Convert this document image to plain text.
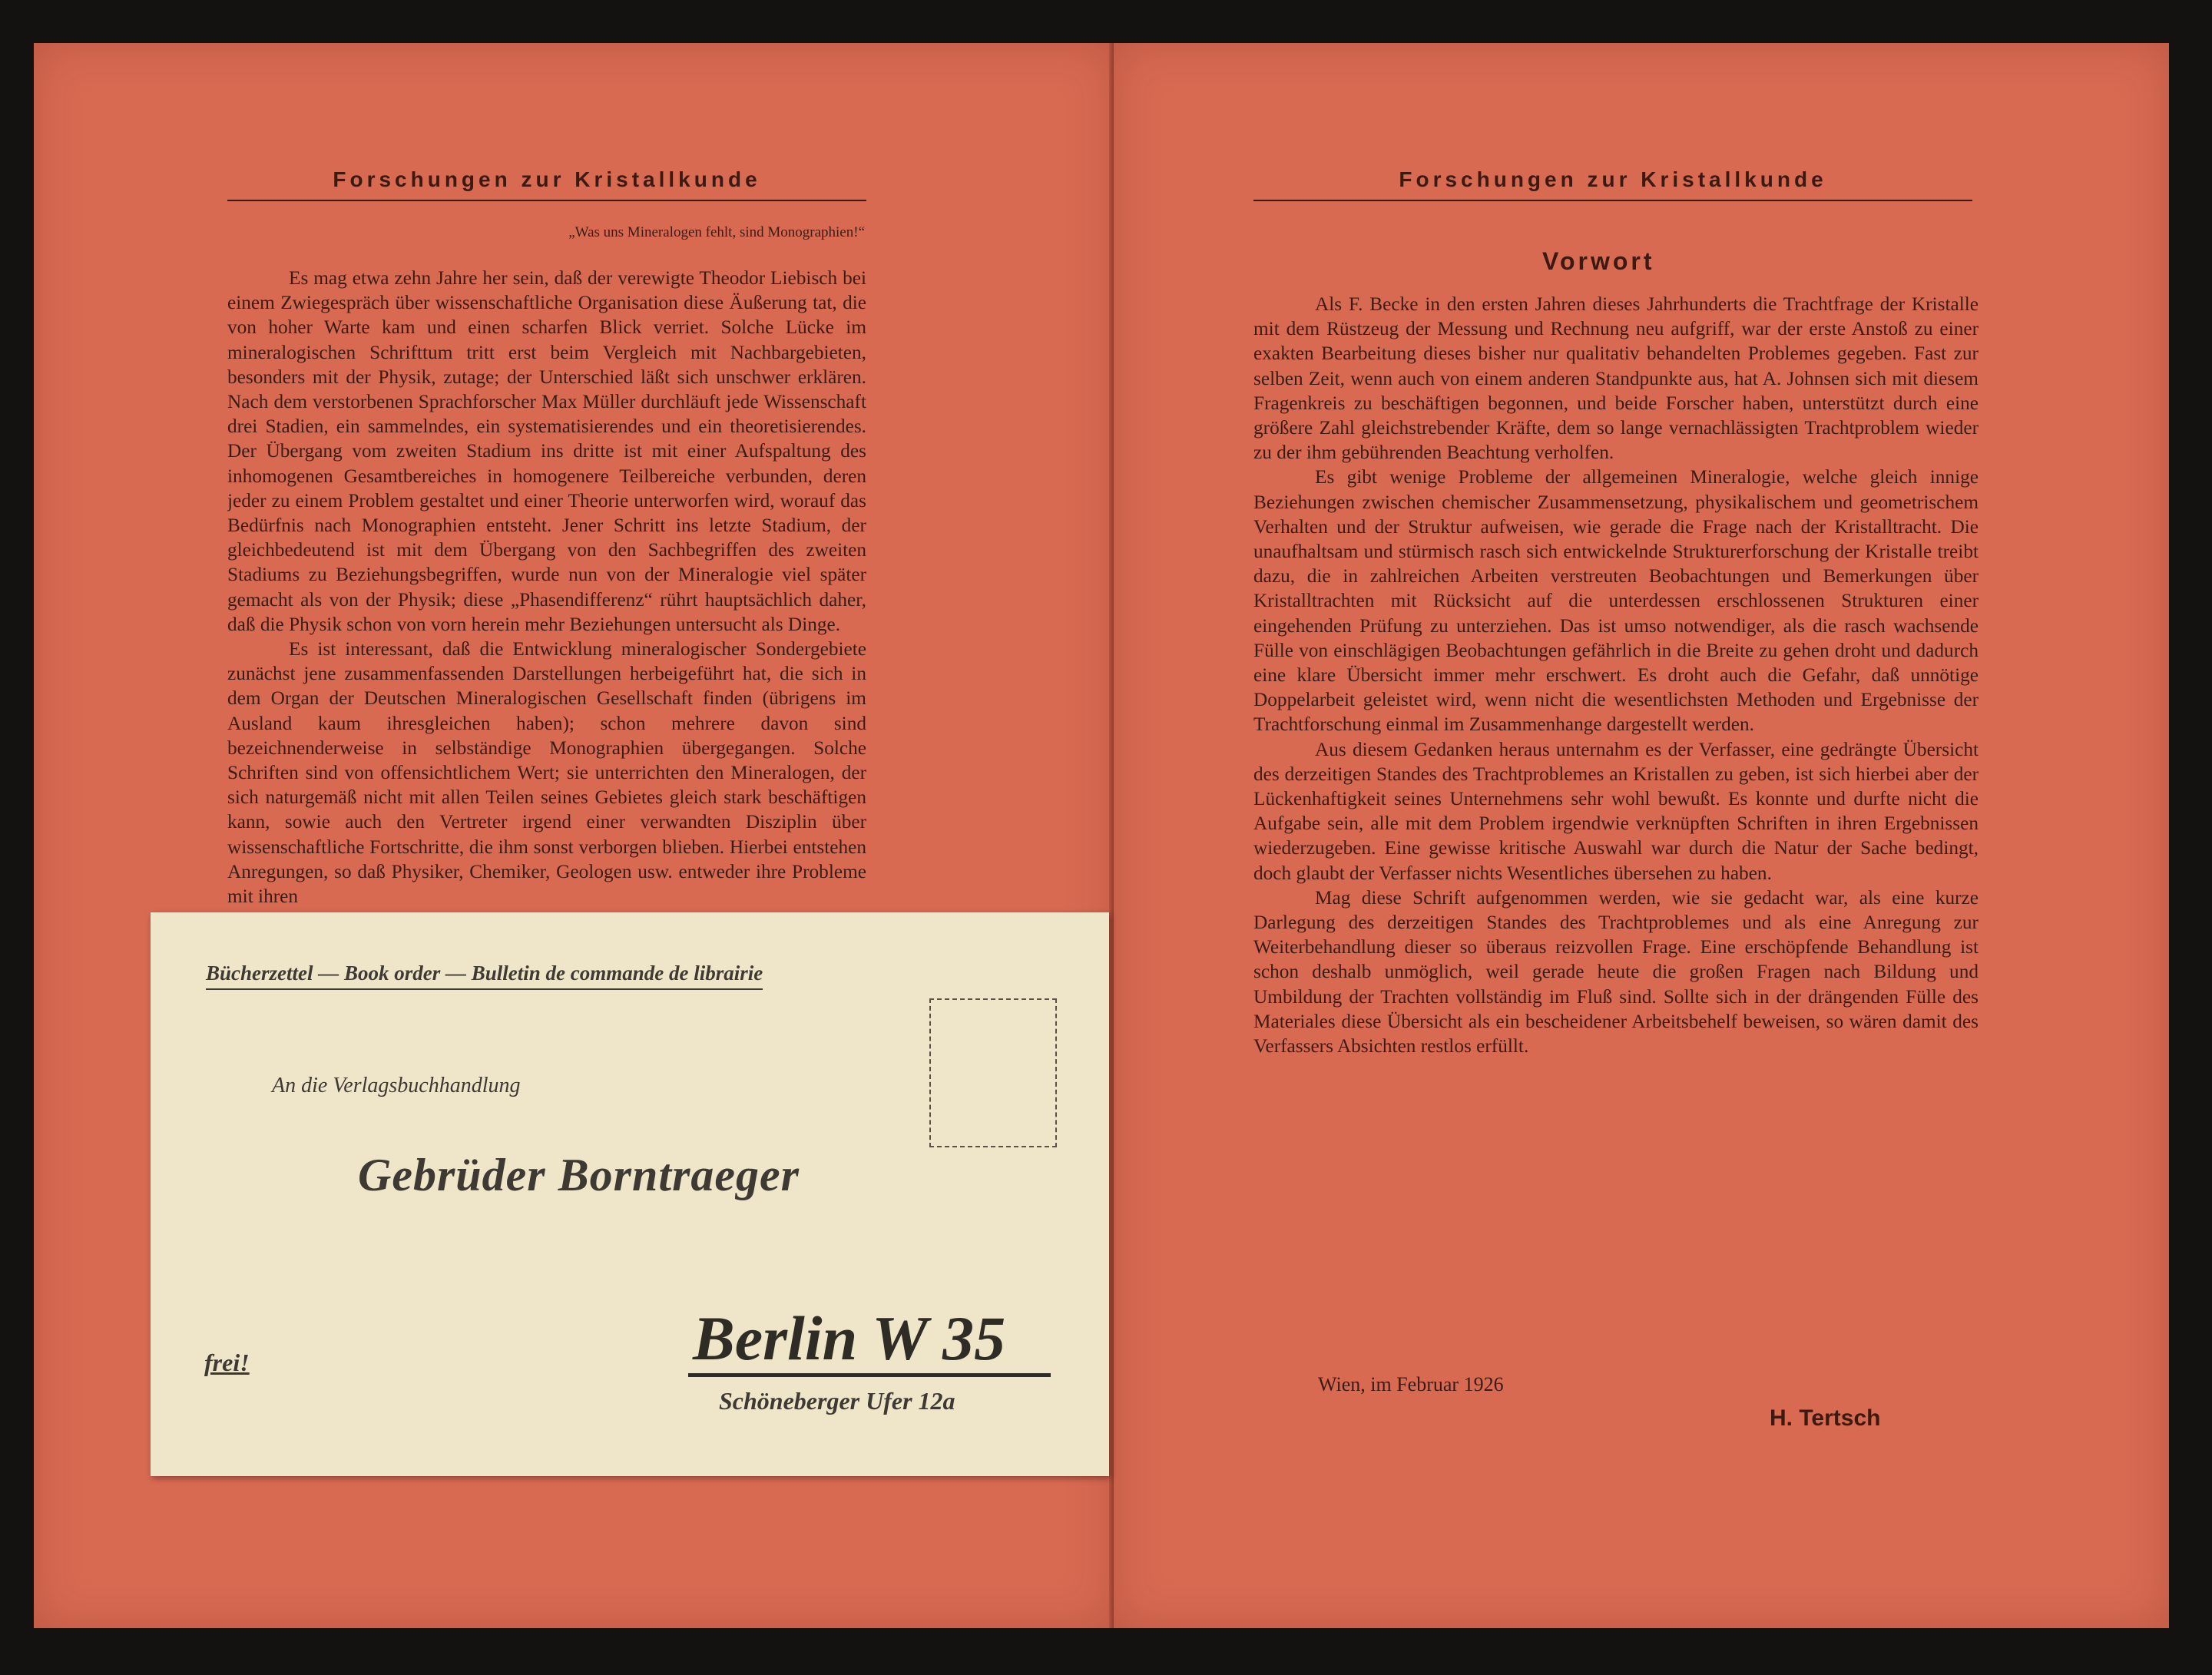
Forschungen zur Kristallkunde
„Was uns Mineralogen fehlt, sind Monographien!“

Es mag etwa zehn Jahre her sein, daß der verewigte Theodor Liebisch bei einem Zwiegespräch über wissenschaftliche Organisation diese Äußerung tat, die von hoher Warte kam und einen scharfen Blick verriet. Solche Lücke im mineralogischen Schrifttum tritt erst beim Vergleich mit Nachbargebieten, besonders mit der Physik, zutage; der Unterschied läßt sich unschwer erklären. Nach dem verstorbenen Sprachforscher Max Müller durchläuft jede Wissenschaft drei Stadien, ein sammelndes, ein systematisierendes und ein theoretisierendes. Der Übergang vom zweiten Stadium ins dritte ist mit einer Aufspaltung des inhomogenen Gesamtbereiches in homogenere Teilbereiche verbunden, deren jeder zu einem Problem gestaltet und einer Theorie unterworfen wird, worauf das Bedürfnis nach Monographien entsteht. Jener Schritt ins letzte Stadium, der gleichbedeutend ist mit dem Übergang von den Sachbegriffen des zweiten Stadiums zu Beziehungsbegriffen, wurde nun von der Mineralogie viel später gemacht als von der Physik; diese „Phasendifferenz“ rührt hauptsächlich daher, daß die Physik schon von vorn herein mehr Beziehungen untersucht als Dinge.

Es ist interessant, daß die Entwicklung mineralogischer Sondergebiete zunächst jene zusammenfassenden Darstellungen herbeigeführt hat, die sich in dem Organ der Deutschen Mineralogischen Gesellschaft finden (übrigens im Ausland kaum ihresgleichen haben); schon mehrere davon sind bezeichnenderweise in selbständige Monographien übergegangen. Solche Schriften sind von offensichtlichem Wert; sie unterrichten den Mineralogen, der sich naturgemäß nicht mit allen Teilen seines Gebietes gleich stark beschäftigen kann, sowie auch den Vertreter irgend einer verwandten Disziplin über wissenschaftliche Fortschritte, die ihm sonst verborgen blieben. Hierbei entstehen Anregungen, so daß Physiker, Chemiker, Geologen usw. entweder ihre Probleme mit ihren

Bücherzettel — Book order — Bulletin de commande de librairie
An die Verlagsbuchhandlung
Gebrüder Borntraeger
frei!	Berlin W 35
Schöneberger Ufer 12a
Forschungen zur Kristallkunde
Vorwort

Als F. Becke in den ersten Jahren dieses Jahrhunderts die Trachtfrage der Kristalle mit dem Rüstzeug der Messung und Rechnung neu aufgriff, war der erste Anstoß zu einer exakten Bearbeitung dieses bisher nur qualitativ behandelten Problemes gegeben. Fast zur selben Zeit, wenn auch von einem anderen Standpunkte aus, hat A. Johnsen sich mit diesem Fragenkreis zu beschäftigen begonnen, und beide Forscher haben, unterstützt durch eine größere Zahl gleichstrebender Kräfte, dem so lange vernachlässigten Trachtproblem wieder zu der ihm gebührenden Beachtung verholfen.

Es gibt wenige Probleme der allgemeinen Mineralogie, welche gleich innige Beziehungen zwischen chemischer Zusammensetzung, physikalischem und geometrischem Verhalten und der Struktur aufweisen, wie gerade die Frage nach der Kristalltracht. Die unaufhaltsam und stürmisch rasch sich entwickelnde Strukturerforschung der Kristalle treibt dazu, die in zahlreichen Arbeiten verstreuten Beobachtungen und Bemerkungen über Kristalltrachten mit Rücksicht auf die unterdessen erschlossenen Strukturen einer eingehenden Prüfung zu unterziehen. Das ist umso notwendiger, als die rasch wachsende Fülle von einschlägigen Beobachtungen gefährlich in die Breite zu gehen droht und dadurch eine klare Übersicht immer mehr erschwert. Es droht auch die Gefahr, daß unnötige Doppelarbeit geleistet wird, wenn nicht die wesentlichsten Methoden und Ergebnisse der Trachtforschung einmal im Zusammenhange dargestellt werden.

Aus diesem Gedanken heraus unternahm es der Verfasser, eine gedrängte Übersicht des derzeitigen Standes des Trachtproblemes an Kristallen zu geben, ist sich hierbei aber der Lückenhaftigkeit seines Unternehmens sehr wohl bewußt. Es konnte und durfte nicht die Aufgabe sein, alle mit dem Problem irgendwie verknüpften Schriften in ihren Ergebnissen wiederzugeben. Eine gewisse kritische Auswahl war durch die Natur der Sache bedingt, doch glaubt der Verfasser nichts Wesentliches übersehen zu haben.

Mag diese Schrift aufgenommen werden, wie sie gedacht war, als eine kurze Darlegung des derzeitigen Standes des Trachtproblemes und als eine Anregung zur Weiterbehandlung dieser so überaus reizvollen Frage. Eine erschöpfende Behandlung ist schon deshalb unmöglich, weil gerade heute die großen Fragen nach Bildung und Umbildung der Trachten vollständig im Fluß sind. Sollte sich in der drängenden Fülle des Materiales diese Übersicht als ein bescheidener Arbeitsbehelf beweisen, so wären damit des Verfassers Absichten restlos erfüllt.

Wien, im Februar 1926
H. Tertsch
